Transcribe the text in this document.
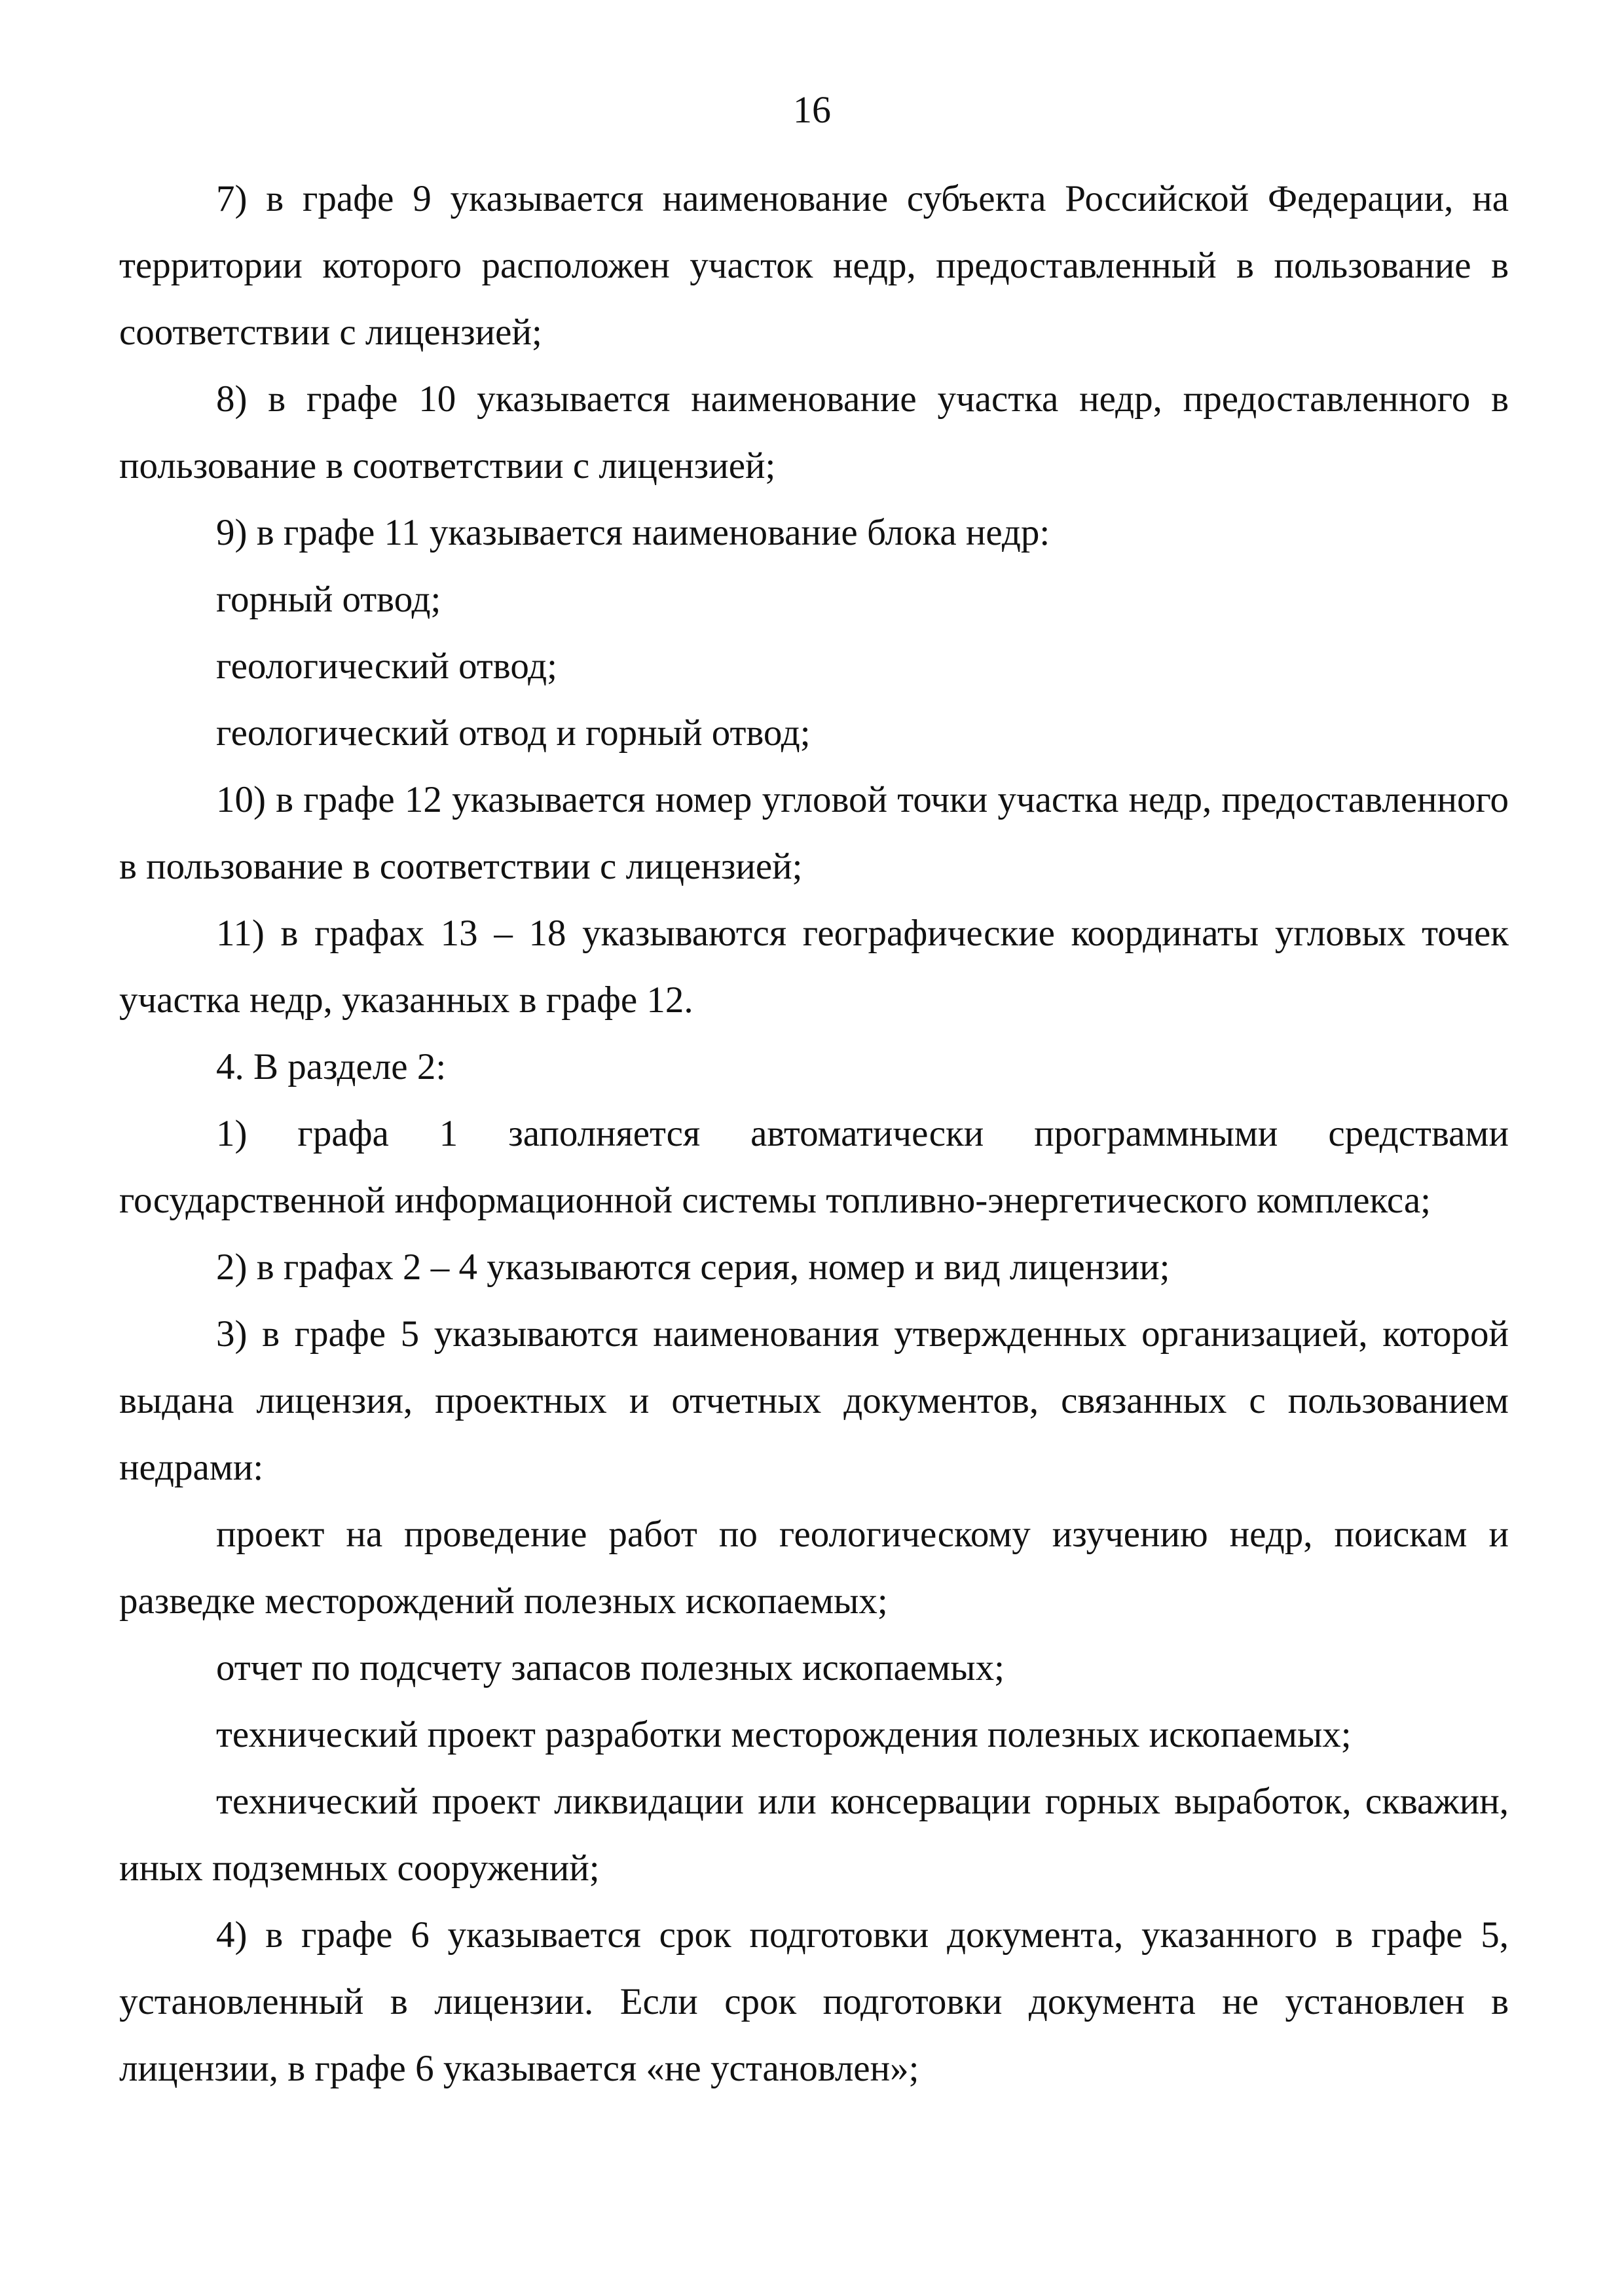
16

7) в графе 9 указывается наименование субъекта Российской Федерации, на территории которого расположен участок недр, предоставленный в пользование в соответствии с лицензией;

8) в графе 10 указывается наименование участка недр, предоставленного в пользование в соответствии с лицензией;

9) в графе 11 указывается наименование блока недр:

горный отвод;

геологический отвод;

геологический отвод и горный отвод;

10) в графе 12 указывается номер угловой точки участка недр, предоставленного в пользование в соответствии с лицензией;

11) в графах 13 – 18 указываются географические координаты угловых точек участка недр, указанных в графе 12.

4. В разделе 2:

1) графа 1 заполняется автоматически программными средствами государственной информационной системы топливно-энергетического комплекса;

2) в графах 2 – 4 указываются серия, номер и вид лицензии;

3) в графе 5 указываются наименования утвержденных организацией, которой выдана лицензия, проектных и отчетных документов, связанных с пользованием недрами:

проект на проведение работ по геологическому изучению недр, поискам и разведке месторождений полезных ископаемых;

отчет по подсчету запасов полезных ископаемых;

технический проект разработки месторождения полезных ископаемых;

технический проект ликвидации или консервации горных выработок, скважин, иных подземных сооружений;

4) в графе 6 указывается срок подготовки документа, указанного в графе 5, установленный в лицензии. Если срок подготовки документа не установлен в лицензии, в графе 6 указывается «не установлен»;
